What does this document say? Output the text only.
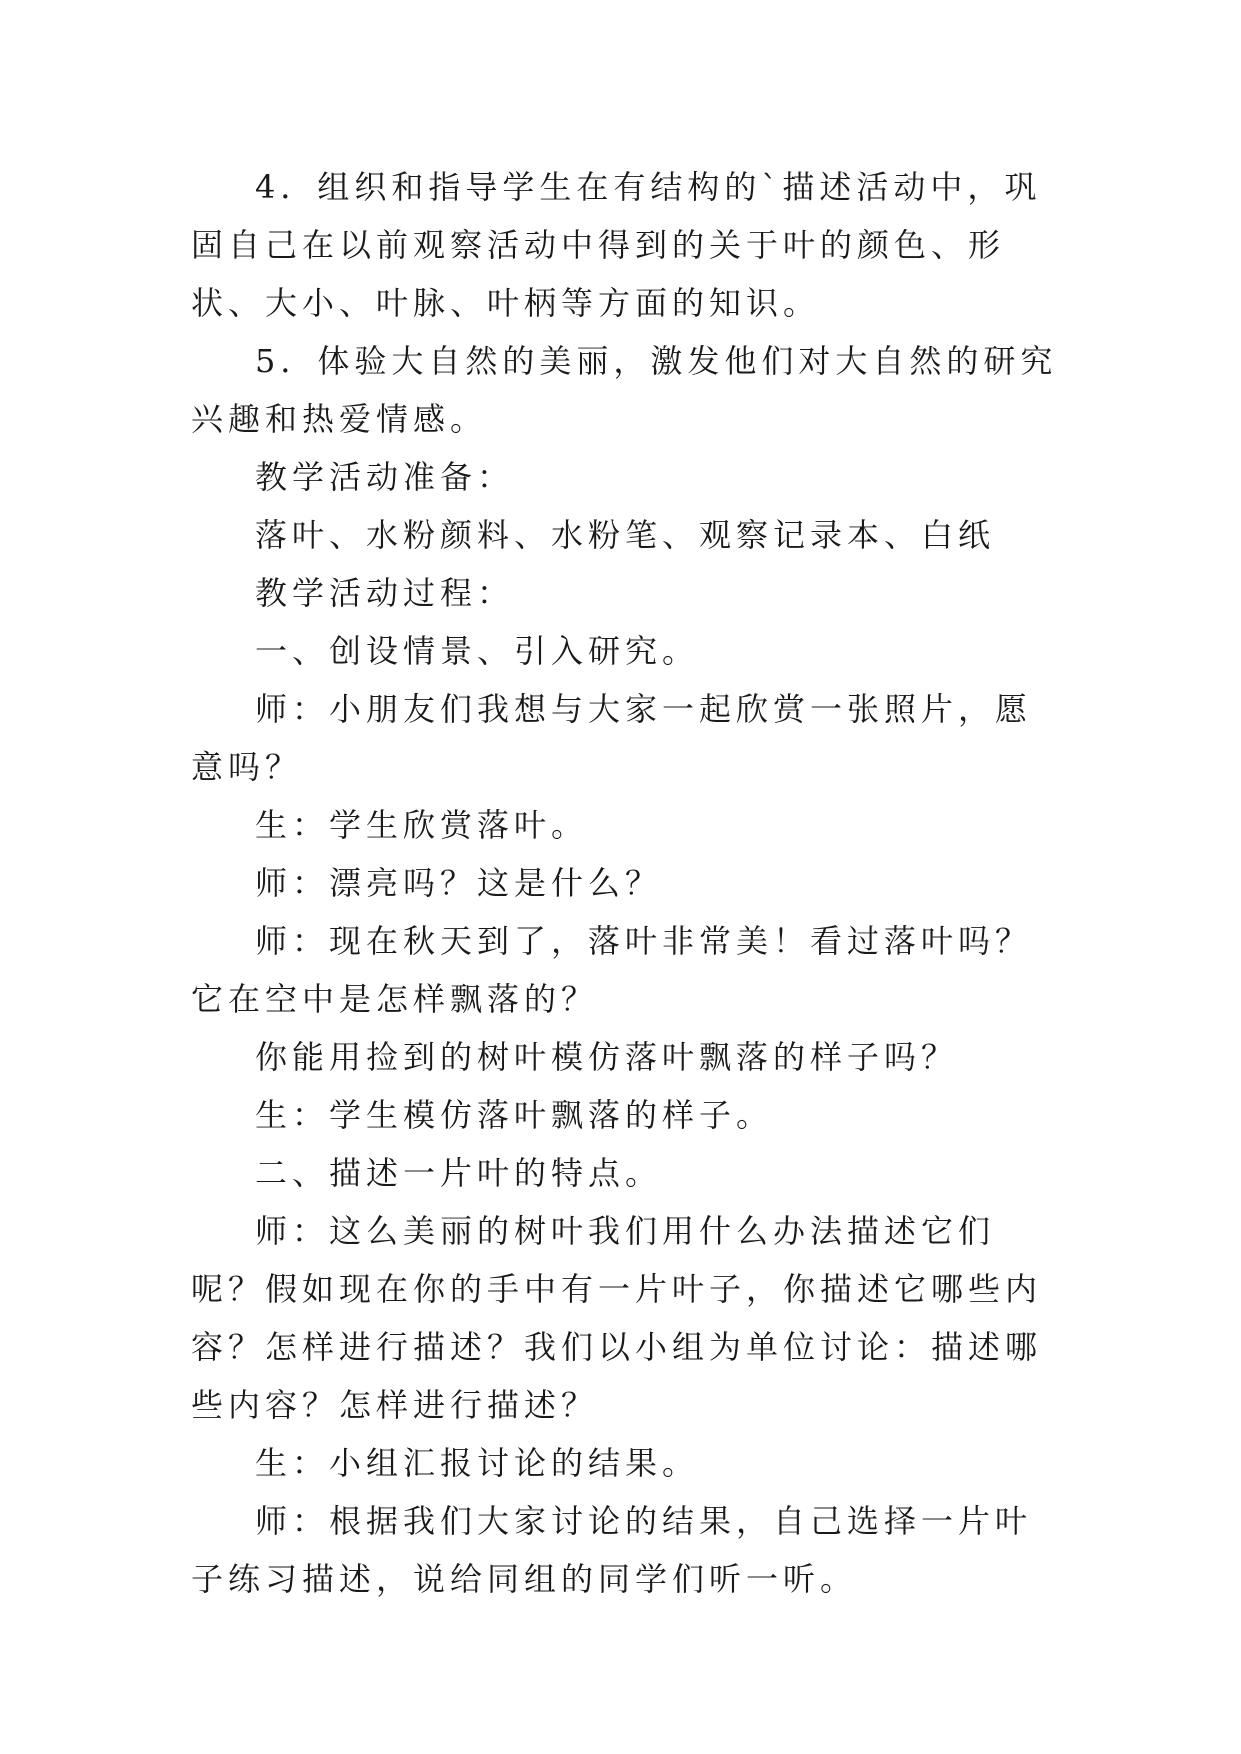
4．组织和指导学生在有结构的`描述活动中，巩固自己在以前观察活动中得到的关于叶的颜色、形状、大小、叶脉、叶柄等方面的知识。

5．体验大自然的美丽，激发他们对大自然的研究兴趣和热爱情感。

教学活动准备：

落叶、水粉颜料、水粉笔、观察记录本、白纸

教学活动过程：

一、创设情景、引入研究。

师：小朋友们我想与大家一起欣赏一张照片，愿意吗？

生：学生欣赏落叶。

师：漂亮吗？这是什么？

师：现在秋天到了，落叶非常美！看过落叶吗？它在空中是怎样飘落的？

你能用捡到的树叶模仿落叶飘落的样子吗？

生：学生模仿落叶飘落的样子。

二、描述一片叶的特点。

师：这么美丽的树叶我们用什么办法描述它们呢？假如现在你的手中有一片叶子，你描述它哪些内容？怎样进行描述？我们以小组为单位讨论：描述哪些内容？怎样进行描述？

生：小组汇报讨论的结果。

师：根据我们大家讨论的结果，自己选择一片叶子练习描述，说给同组的同学们听一听。
